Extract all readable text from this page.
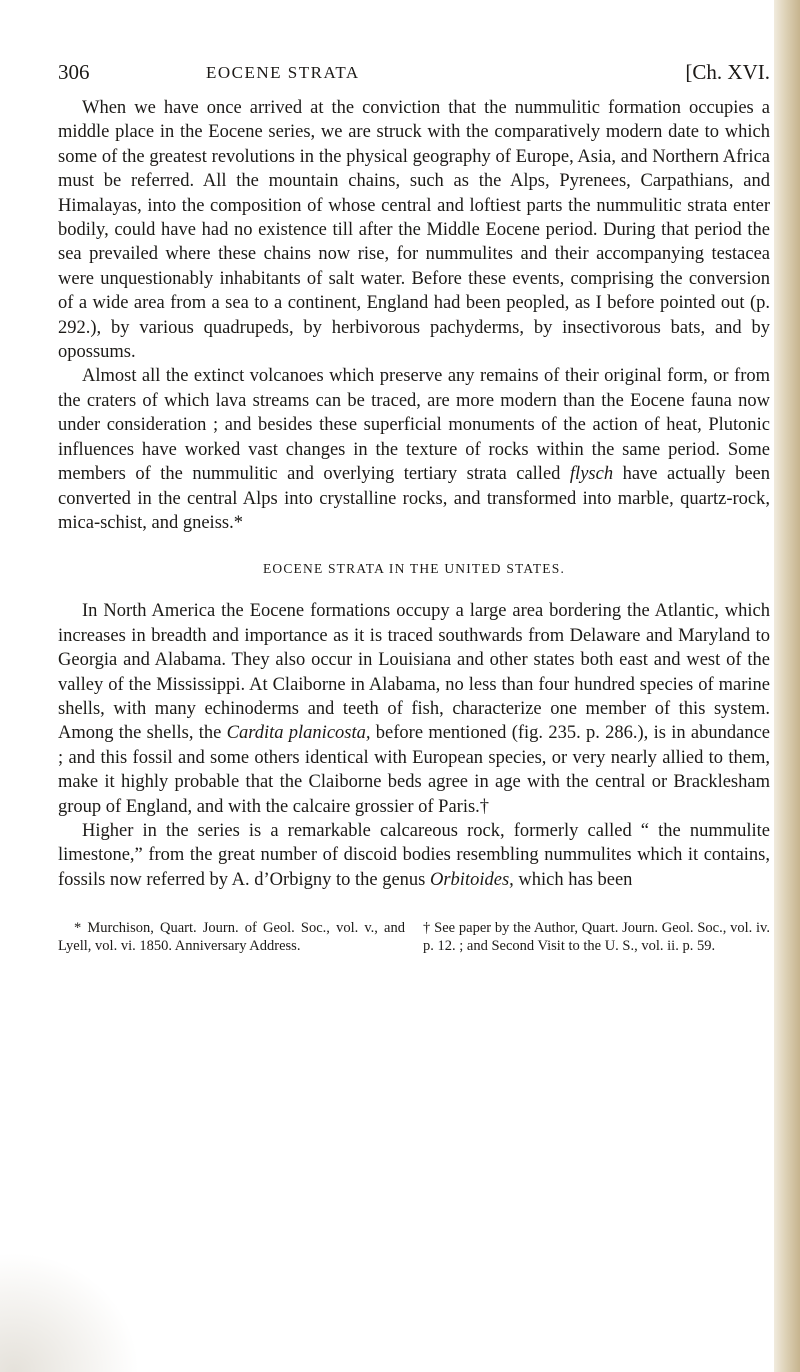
306	EOCENE STRATA	[Ch. XVI.

When we have once arrived at the conviction that the nummulitic formation occupies a middle place in the Eocene series, we are struck with the comparatively modern date to which some of the greatest revolutions in the physical geography of Europe, Asia, and Northern Africa must be referred. All the mountain chains, such as the Alps, Pyrenees, Carpathians, and Himalayas, into the composition of whose central and loftiest parts the nummulitic strata enter bodily, could have had no existence till after the Middle Eocene period. During that period the sea prevailed where these chains now rise, for nummulites and their accompanying testacea were unquestionably inhabitants of salt water. Before these events, comprising the conversion of a wide area from a sea to a continent, England had been peopled, as I before pointed out (p. 292.), by various quadrupeds, by herbivorous pachyderms, by insectivorous bats, and by opossums.

Almost all the extinct volcanoes which preserve any remains of their original form, or from the craters of which lava streams can be traced, are more modern than the Eocene fauna now under consideration ; and besides these superficial monuments of the action of heat, Plutonic influences have worked vast changes in the texture of rocks within the same period. Some members of the nummulitic and overlying tertiary strata called flysch have actually been converted in the central Alps into crystalline rocks, and transformed into marble, quartz-rock, mica-schist, and gneiss.*

EOCENE STRATA IN THE UNITED STATES.

In North America the Eocene formations occupy a large area bordering the Atlantic, which increases in breadth and importance as it is traced southwards from Delaware and Maryland to Georgia and Alabama. They also occur in Louisiana and other states both east and west of the valley of the Mississippi. At Claiborne in Alabama, no less than four hundred species of marine shells, with many echinoderms and teeth of fish, characterize one member of this system. Among the shells, the Cardita planicosta, before mentioned (fig. 235. p. 286.), is in abundance ; and this fossil and some others identical with European species, or very nearly allied to them, make it highly probable that the Claiborne beds agree in age with the central or Bracklesham group of England, and with the calcaire grossier of Paris.†

Higher in the series is a remarkable calcareous rock, formerly called “ the nummulite limestone,” from the great number of discoid bodies resembling nummulites which it contains, fossils now referred by A. d’Orbigny to the genus Orbitoides, which has been

* Murchison, Quart. Journ. of Geol. Soc., vol. v., and Lyell, vol. vi. 1850. Anniversary Address.
† See paper by the Author, Quart. Journ. Geol. Soc., vol. iv. p. 12. ; and Second Visit to the U. S., vol. ii. p. 59.
